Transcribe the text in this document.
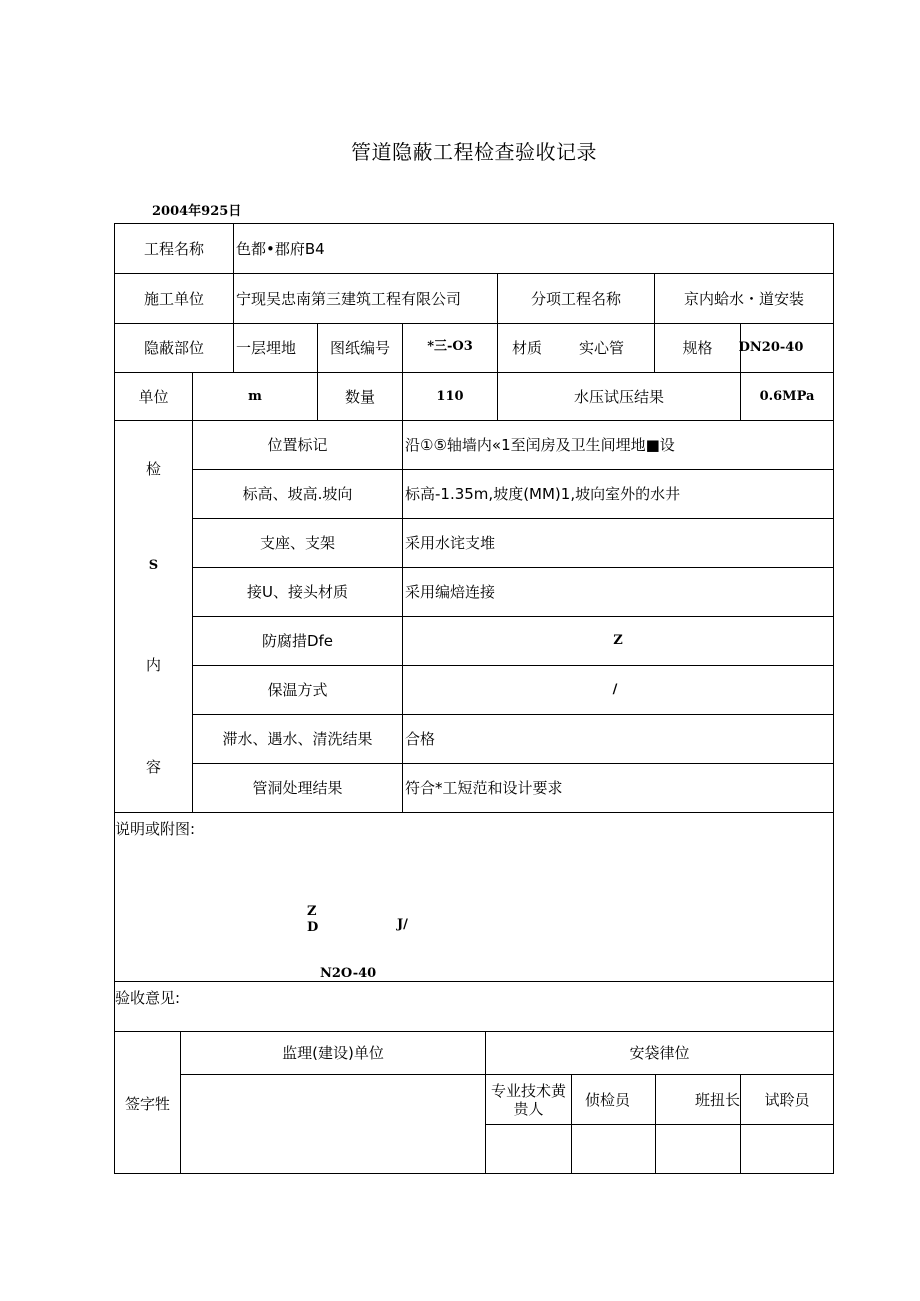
管道隐蔽工程检查验收记录
2004年925日
工程名称	色都•郡府B4
施工单位	宁现吴忠南第三建筑工程有限公司	分项工程名称	京内蛤水・道安装
隐蔽部位	一层埋地	图纸编号	*三-O3	材质	实心管	规格	DN20-40
单位	m	数量	110	水压试压结果	0.6MPa
检
S
内
容
位置标记	沿①⑤轴墙内«1至闰房及卫生间埋地■设
标高、坡高.坡向	标高-1.35m,坡度(MM)1,坡向室外的水井
支座、支架	采用水诧支堆
接U、接头材质	采用编焙连接
防腐措Dfe	Z
保温方式	/
滞水、遇水、清洗结果	合格
管洞处理结果	符合*工短范和设计要求
说明或附图:
Z
D	J/
N2O-40
验收意见:
签字牲
监理(建设)单位	安袋律位
专业技术黄贵人	侦检员	班扭长	试聆员
